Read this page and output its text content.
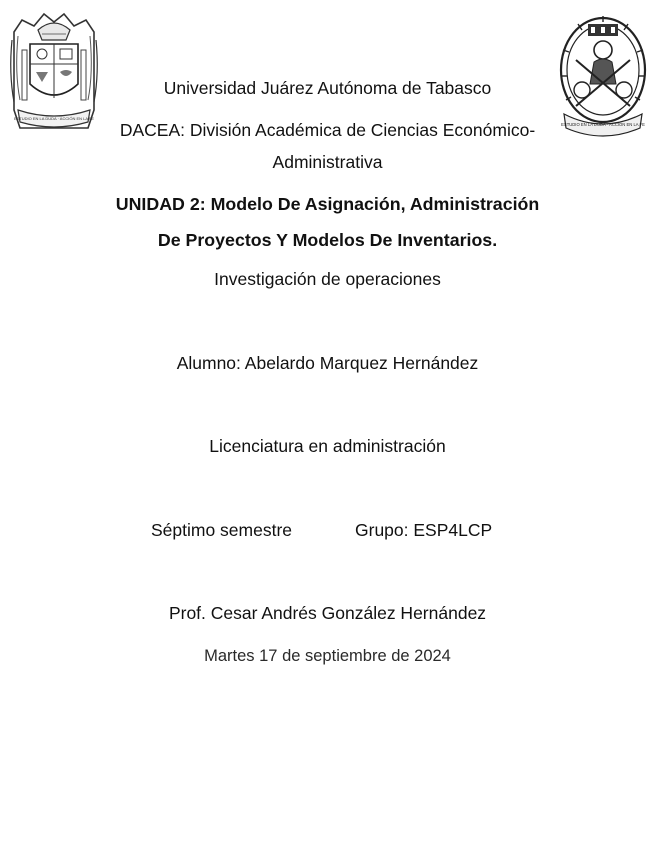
ESTUDIO EN LA DUDA · ACCIÓN EN LA FE
ESTUDIO EN LA DUDA · ACCIÓN EN LA FE
Universidad Juárez Autónoma de Tabasco
DACEA: División Académica de Ciencias Económico-
Administrativa
UNIDAD 2: Modelo De Asignación, Administración
De Proyectos Y Modelos De Inventarios.
Investigación de operaciones
Alumno: Abelardo Marquez Hernández
Licenciatura en administración
Séptimo semestre	Grupo: ESP4LCP
Prof. Cesar Andrés González Hernández
Martes 17 de septiembre de 2024
